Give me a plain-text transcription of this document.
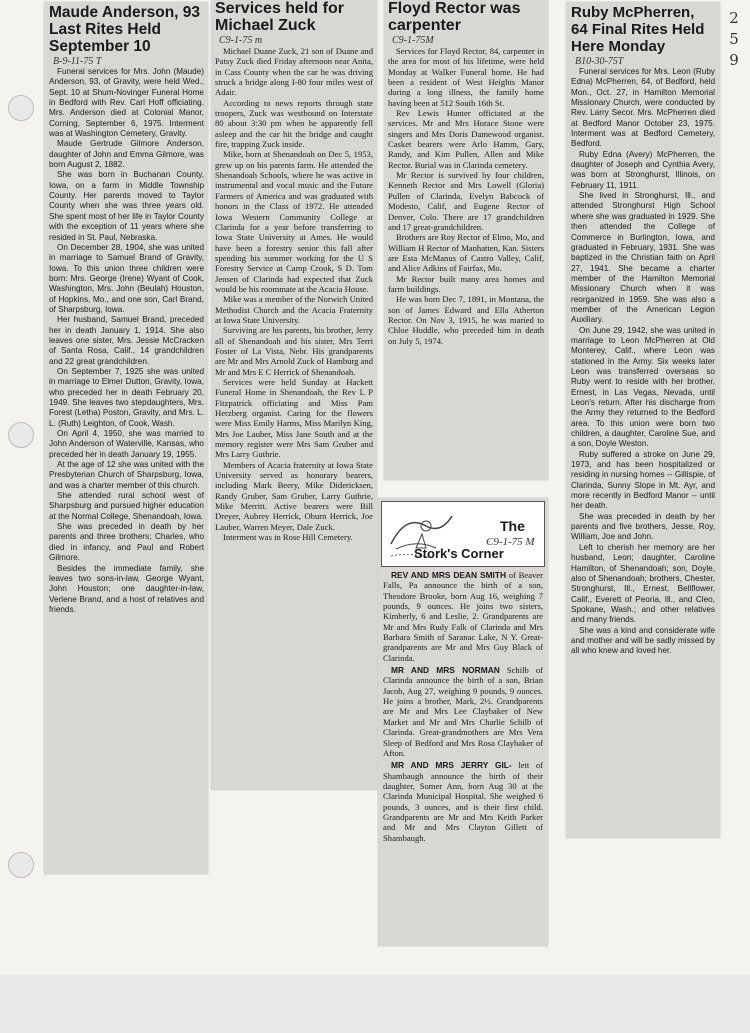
2 5 9
Maude Anderson, 93 Last Rites Held September 10
B-9-11-75 T

Funeral services for Mrs. John (Maude) Anderson, 93, of Gravity, were held Wed., Sept. 10 at Shum-Novinger Funeral Home in Bedford with Rev. Carl Hoff officiating. Mrs. Anderson died at Colonial Manor, Corning, September 6, 1975. Interment was at Washington Cemetery, Gravity.

Maude Gertrude Gilmore Anderson, daughter of John and Emma Gilmore, was born August 2, 1882.

She was born in Buchanan County, Iowa, on a farm in Middle Township County. Her parents moved to Taylor County when she was three years old. She spent most of her life in Taylor County with the exception of 11 years where she resided in St. Paul, Nebraska.

On December 28, 1904, she was united in marriage to Samuel Brand of Gravity, Iowa. To this union three children were born: Mrs. George (Irene) Wyant of Cook, Washington, Mrs. John (Beulah) Houston, of Hopkins, Mo., and one son, Carl Brand, of Sharpsburg, Iowa.

Her husband, Samuel Brand, preceded her in death January 1, 1914. She also leaves one sister, Mrs. Jessie McCracken of Santa Rosa, Calif., 14 grandchildren and 22 great grandchildren.

On September 7, 1925 she was united in marriage to Elmer Dutton, Gravity, Iowa, who preceded her in death February 20, 1949. She leaves two stepdaughters, Mrs. Forest (Letha) Poston, Gravity, and Mrs. L. L. (Ruth) Leighton, of Cook, Wash.

On April 4, 1950, she was married to John Anderson of Waterville, Kansas, who preceded her in death January 19, 1955.

At the age of 12 she was united with the Presbyterian Church of Sharpsburg, Iowa, and was a charter member of this church.

She attended rural school west of Sharpsburg and pursued higher education at the Normal College, Shenandoah, Iowa.

She was preceded in death by her parents and three brothers; Charles, who died in infancy, and Paul and Robert Gilmore.

Besides the immediate family, she leaves two sons-in-law, George Wyant, John Houston; one daughter-in-law, Verlene Brand, and a host of relatives and friends.

Services held for Michael Zuck
C9-1-75 m

Michael Duane Zuck, 21 son of Duane and Patsy Zuck died Friday afternoon near Anita, in Cass County when the car he was driving struck a bridge along I-80 four miles west of Adair.

According to news reports through state troopers, Zuck was westbound on Interstate 80 about 3:30 pm when he apparently fell asleep and the car hit the bridge and caught fire, trapping Zuck inside.

Mike, born at Shenandoah on Dec 5, 1953, grew up on his parents farm. He attended the Shenandoah Schools, where he was active in instrumental and vocal music and the Future Farmers of America and was graduated with honors in the Class of 1972. He attended Iowa Western Community College at Clarinda for a year before transferring to Iowa State University at Ames. He would have been a forestry senior this fall after spending his summer working for the U S Forestry Service at Camp Crook, S D. Tom Jensen of Clarinda had expected that Zuck would be his roommate at the Acacia House.

Mike was a member of the Norwich United Methodist Church and the Acacia Fraternity at Iowa State University.

Surviving are his parents, his brother, Jerry all of Shenandoah and his sister, Mrs Terri Foster of La Vista, Nebr. His grandparents are Mr and Mrs Arnold Zuck of Hamburg and Mr and Mrs E C Herrick of Shenandoah.

Services were held Sunday at Hackett Funeral Home in Shenandoah, the Rev L P Fitzpatrick officiating and Miss Pam Herzberg organist. Caring for the flowers were Miss Emily Harms, Miss Marilyn King, Mrs Joe Lauber, Miss Jane South and at the memory register were Mrs Sam Gruber and Mrs Larry Guthrie.

Members of Acacia fraternity at Iowa State University served as honorary bearers, including Mark Beery, Mike Didericksen, Randy Gruber, Sam Gruber, Larry Guthrie, Mike Merritt. Active bearers were Bill Dreyer, Aubrey Herrick, Oburn Herrick, Joe Lauber, Warren Meyer, Dale Zuck.

Interment was in Rose Hill Cemetery.

Floyd Rector was carpenter
C9-1-75M

Services for Floyd Rector, 84, carpenter in the area for most of his lifetime, were held Monday at Walker Funeral home. He had been a resident of West Heights Manor during a long illness, the family home having been at 512 South 16th St.

Rev Lewis Hunter officiated at the services. Mr and Mrs Horace Stone were singers and Mrs Doris Damewood organist. Casket bearers were Arlo Hamm, Gary, Randy, and Kim Pullen, Allen and Mike Rector. Burial was in Clarinda cemetery.

Mr Rector is survived by four children, Kenneth Rector and Mrs Lowell (Gloria) Pullen of Clarinda, Evelyn Babcock of Modesto, Calif, and Eugene Rector of Denver, Colo. There are 17 grandchildren and 17 great-grandchildren.

Brothers are Roy Rector of Elmo, Mo, and William H Rector of Manhatten, Kan. Sisters are Esta McManus of Castro Valley, Calif, and Alice Adkins of Fairfax, Mo.

Mr Rector built many area homes and farm buildings.

He was born Dec 7, 1891, in Montana, the son of James Edward and Ella Atherton Rector. On Nov 3, 1915, he was maried to Chloe Huddle, who preceded him in death on July 5, 1974.

The
Stork's Corner
C9-1-75 M

REV AND MRS DEAN SMITH of Beaver Falls, Pa announce the birth of a son, Theodore Brooke, born Aug 16, weighing 7 pounds, 9 ounces. He joins two sisters, Kimberly, 6 and Leslie, 2. Grandparents are Mr and Mrs Rudy Falk of Clarinda and Mrs Barbara Smith of Saranac Lake, N Y. Great-grandparents are Mr and Mrs Guy Black of Clarinda.

MR AND MRS NORMAN Schilb of Clarinda announce the birth of a son, Brian Jacob, Aug 27, weighing 9 pounds, 9 ounces. He joins a brother, Mark, 2½. Grandparents are Mr and Mrs Lee Claybaker of New Market and Mr and Mrs Charlie Schilb of Clarinda. Great-grandmothers are Mrs Vera Sleep of Bedford and Mrs Rosa Claybaker of Afton.

MR AND MRS JERRY GIL- lett of Shambaugh announce the birth of their daughter, Somer Ann, born Aug 30 at the Clarinda Municipal Hospital. She weighed 6 pounds, 3 ounces, and is their first child. Grandparents are Mr and Mrs Keith Parker and Mr and Mrs Clayton Gillett of Shambaugh.

Ruby McPherren, 64 Final Rites Held Here Monday
B10-30-75T

Funeral services for Mrs. Leon (Ruby Edna) McPherren, 64, of Bedford, held Mon., Oct. 27, in Hamilton Memorial Missionary Church, were conducted by Rev. Larry Secor. Mrs. McPherren died at Bedford Manor October 23, 1975. Interment was at Bedford Cemetery, Bedford.

Ruby Edna (Avery) McPherren, the daughter of Joseph and Cynthia Avery, was born at Stronghurst, Illinois, on February 11, 1911.

She lived in Stronghurst, Ill., and attended Stronghurst High School where she was graduated in 1929. She then attended the College of Commerce in Burlington, Iowa, and graduated in February, 1931. She was baptized in the Christian faith on April 27, 1941. She became a charter member of the Hamilton Memorial Missionary Church when it was reorganized in 1959. She was also a member of the American Legion Auxiliary.

On June 29, 1942, she was united in marriage to Leon McPherren at Old Monterey, Calif., where Leon was stationed in the Army. Six weeks later Leon was transferred overseas so Ruby went to reside with her brother, Ernest, in Las Vegas, Nevada, until Leon's return. After his discharge from the Army they returned to the Bedford area. To this union were born two children, a daughter, Caroline Sue, and a son, Doyle Weston.

Ruby suffered a stroke on June 29, 1973, and has been hospitalized or residing in nursing homes -- Gillispie, of Clarinda, Sunny Slope in Mt. Ayr, and more recently in Bedford Manor -- until her death.

She was preceded in death by her parents and five brothers, Jesse, Roy, William, Joe and John.

Left to cherish her memory are her husband, Leon; daughter, Caroline Hamilton, of Shenandoah; son, Doyle, also of Shenandoah; brothers, Chester, Stronghurst, Ill., Ernest, Bellflower, Calif., Everett of Peoria, Ill., and Cleo, Spokane, Wash.; and other relatives and many friends.

She was a kind and considerate wife and mother and will be sadly missed by all who knew and loved her.
